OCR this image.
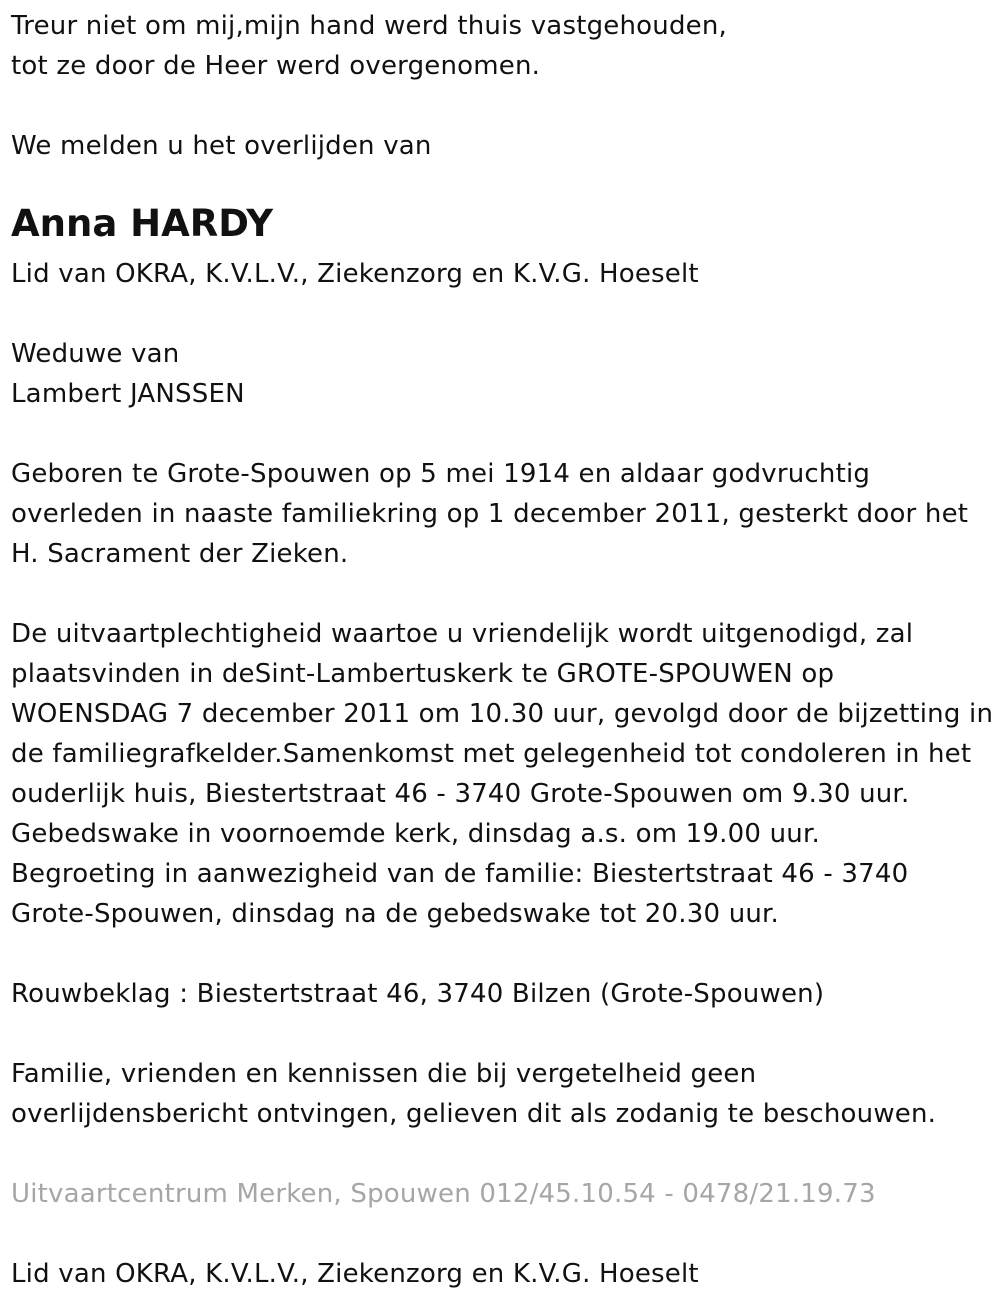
Treur niet om mij,mijn hand werd thuis vastgehouden,

tot ze door de Heer werd overgenomen.

We melden u het overlijden van

Anna HARDY

Lid van OKRA, K.V.L.V., Ziekenzorg en K.V.G. Hoeselt

Weduwe van

Lambert JANSSEN

Geboren te Grote-Spouwen op 5 mei 1914 en aldaar godvruchtig

overleden in naaste familiekring op 1 december 2011, gesterkt door het

H. Sacrament der Zieken.

De uitvaartplechtigheid waartoe u vriendelijk wordt uitgenodigd, zal

plaatsvinden in deSint-Lambertuskerk te GROTE-SPOUWEN op

WOENSDAG 7 december 2011 om 10.30 uur, gevolgd door de bijzetting in

de familiegrafkelder.Samenkomst met gelegenheid tot condoleren in het

ouderlijk huis, Biestertstraat 46 - 3740 Grote-Spouwen om 9.30 uur.

Gebedswake in voornoemde kerk, dinsdag a.s. om 19.00 uur.

Begroeting in aanwezigheid van de familie: Biestertstraat 46 - 3740

Grote-Spouwen, dinsdag na de gebedswake tot 20.30 uur.

Rouwbeklag : Biestertstraat 46, 3740 Bilzen (Grote-Spouwen)

Familie, vrienden en kennissen die bij vergetelheid geen

overlijdensbericht ontvingen, gelieven dit als zodanig te beschouwen.

Uitvaartcentrum Merken, Spouwen 012/45.10.54 - 0478/21.19.73

Lid van OKRA, K.V.L.V., Ziekenzorg en K.V.G. Hoeselt
